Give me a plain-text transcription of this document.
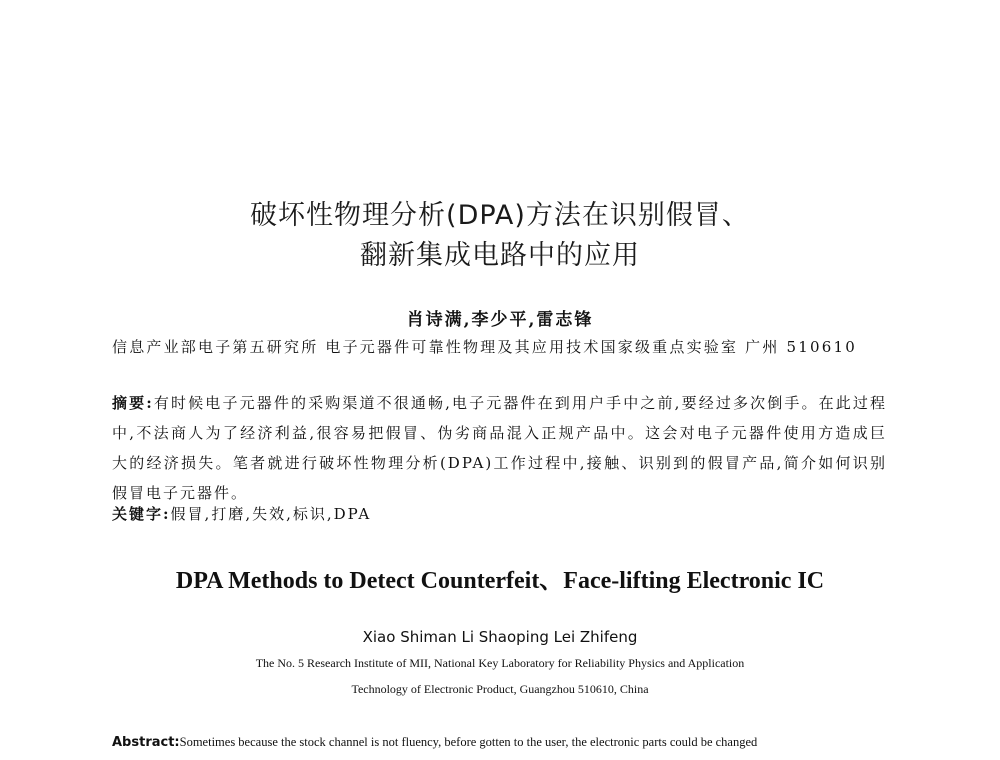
破坏性物理分析(DPA)方法在识别假冒、
翻新集成电路中的应用
肖诗满,李少平,雷志锋
信息产业部电子第五研究所 电子元器件可靠性物理及其应用技术国家级重点实验室 广州 510610
摘要:有时候电子元器件的采购渠道不很通畅,电子元器件在到用户手中之前,要经过多次倒手。在此过程中,不法商人为了经济利益,很容易把假冒、伪劣商品混入正规产品中。这会对电子元器件使用方造成巨大的经济损失。笔者就进行破坏性物理分析(DPA)工作过程中,接触、识别到的假冒产品,简介如何识别假冒电子元器件。
关键字:假冒,打磨,失效,标识,DPA
DPA Methods to Detect Counterfeit、Face-lifting Electronic IC
Xiao Shiman Li Shaoping Lei Zhifeng
The No. 5 Research Institute of MII, National Key Laboratory for Reliability Physics and Application
Technology of Electronic Product, Guangzhou 510610, China
Abstract:Sometimes because the stock channel is not fluency, before gotten to the user, the electronic parts could be changed
